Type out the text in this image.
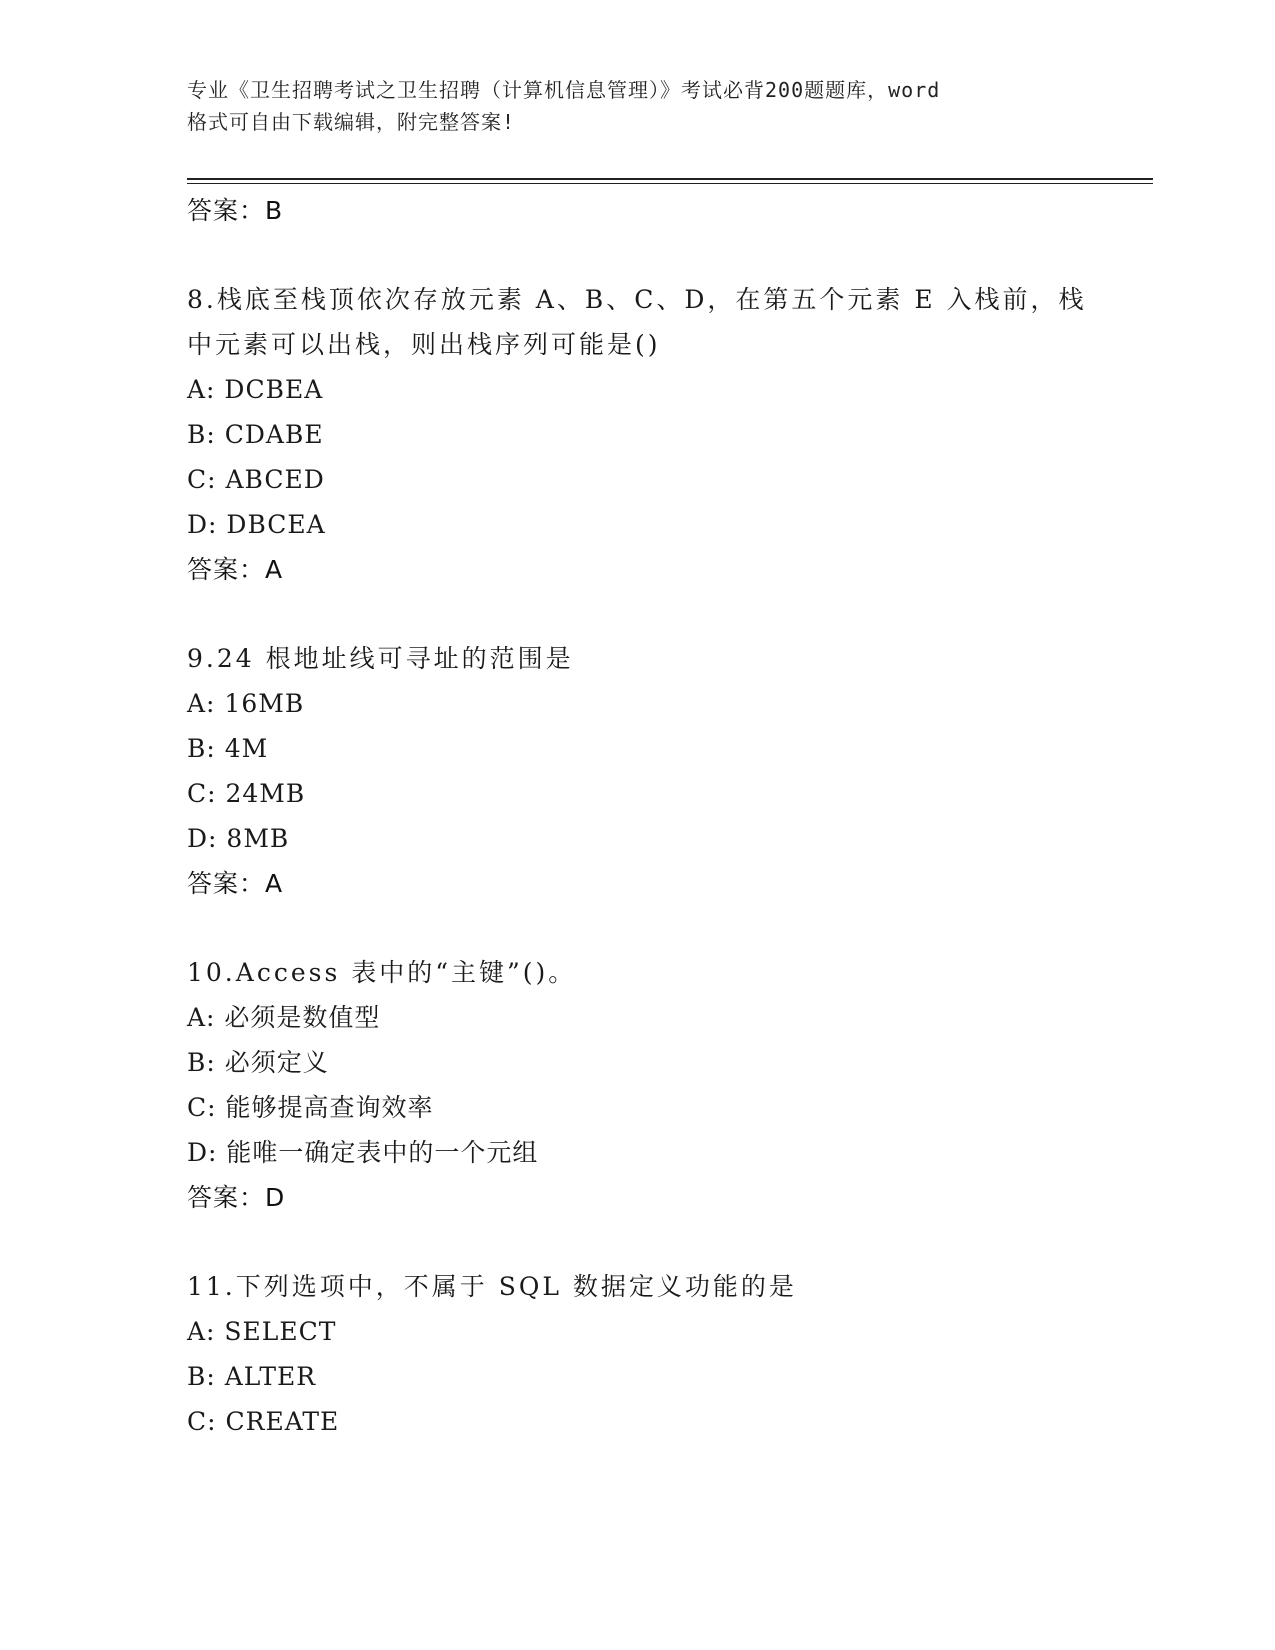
专业《卫生招聘考试之卫生招聘（计算机信息管理）》考试必背200题题库，word
格式可自由下载编辑，附完整答案!
答案：B
8.栈底至栈顶依次存放元素 A、B、C、D，在第五个元素 E 入栈前，栈
中元素可以出栈，则出栈序列可能是()
A: DCBEA
B: CDABE
C: ABCED
D: DBCEA
答案：A
9.24 根地址线可寻址的范围是
A: 16MB
B: 4M
C: 24MB
D: 8MB
答案：A
10.Access 表中的“主键”()。
A: 必须是数值型
B: 必须定义
C: 能够提高查询效率
D: 能唯一确定表中的一个元组
答案：D
11.下列选项中，不属于 SQL 数据定义功能的是
A: SELECT
B: ALTER
C: CREATE
